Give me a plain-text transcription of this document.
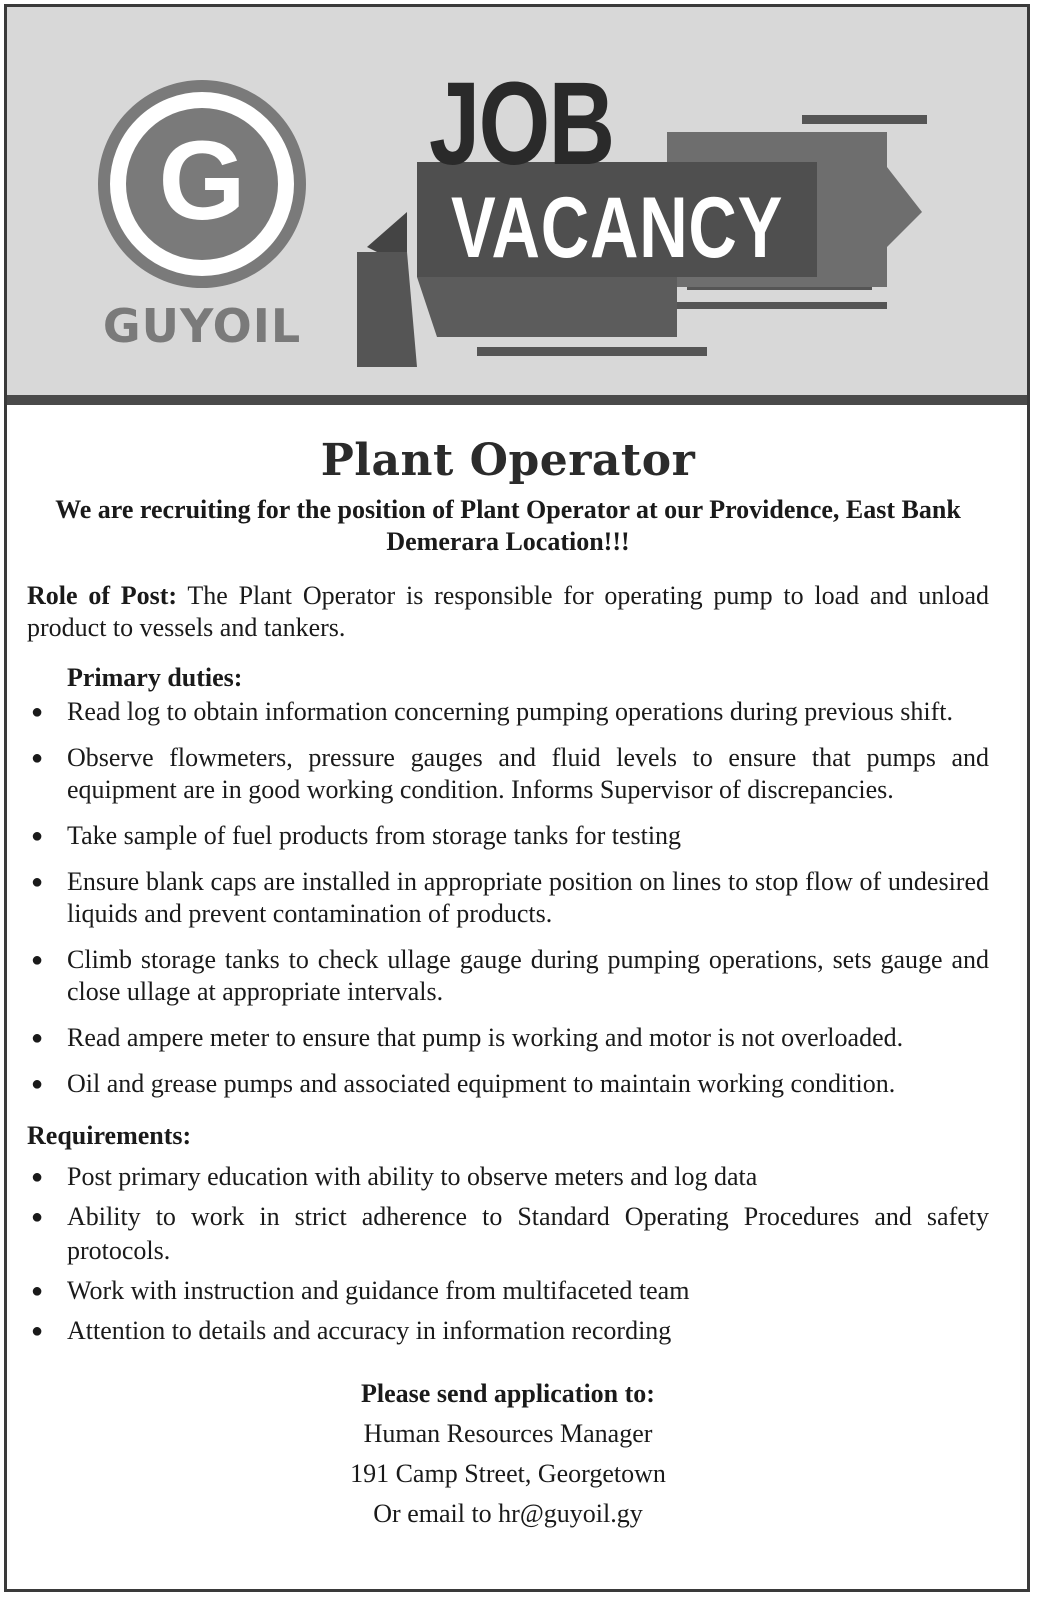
G
GUYOIL
JOB
VACANCY
Plant Operator
We are recruiting for the position of Plant Operator at our Providence, East Bank Demerara Location!!!
Role of Post: The Plant Operator is responsible for operating pump to load and unload product to vessels and tankers.
Primary duties:
● Read log to obtain information concerning pumping operations during previous shift.
● Observe flowmeters, pressure gauges and fluid levels to ensure that pumps and equipment are in good working condition. Informs Supervisor of discrepancies.
● Take sample of fuel products from storage tanks for testing
● Ensure blank caps are installed in appropriate position on lines to stop flow of undesired liquids and prevent contamination of products.
● Climb storage tanks to check ullage gauge during pumping operations, sets gauge and close ullage at appropriate intervals.
● Read ampere meter to ensure that pump is working and motor is not overloaded.
● Oil and grease pumps and associated equipment to maintain working condition.
Requirements:
● Post primary education with ability to observe meters and log data
● Ability to work in strict adherence to Standard Operating Procedures and safety protocols.
● Work with instruction and guidance from multifaceted team
● Attention to details and accuracy in information recording
Please send application to:
Human Resources Manager
191 Camp Street, Georgetown
Or email to hr@guyoil.gy
